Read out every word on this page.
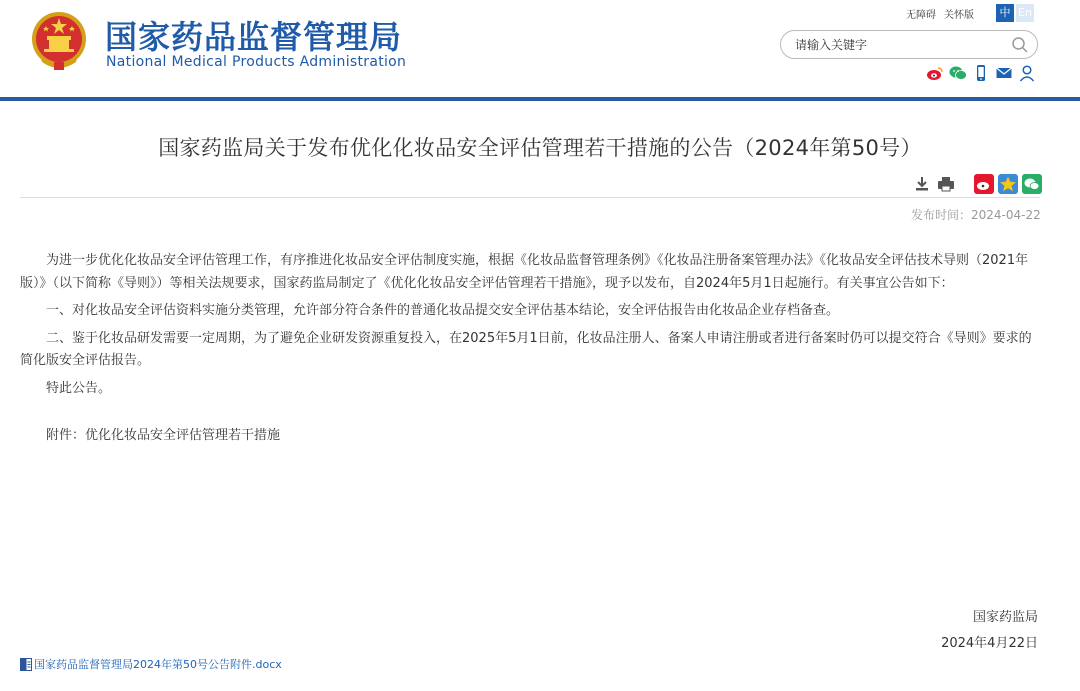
国家药品监督管理局
National Medical Products Administration
无障碍 关怀版	中 En
请输入关键字
国家药监局关于发布优化化妆品安全评估管理若干措施的公告（2024年第50号）
发布时间：2024-04-22

为进一步优化化妆品安全评估管理工作，有序推进化妆品安全评估制度实施，根据《化妆品监督管理条例》《化妆品注册备案管理办法》《化妆品安全评估技术导则（2021年版）》（以下简称《导则》）等相关法规要求，国家药监局制定了《优化化妆品安全评估管理若干措施》，现予以发布，自2024年5月1日起施行。有关事宜公告如下：

一、对化妆品安全评估资料实施分类管理，允许部分符合条件的普通化妆品提交安全评估基本结论，安全评估报告由化妆品企业存档备查。

二、鉴于化妆品研发需要一定周期，为了避免企业研发资源重复投入，在2025年5月1日前，化妆品注册人、备案人申请注册或者进行备案时仍可以提交符合《导则》要求的简化版安全评估报告。

特此公告。

附件：优化化妆品安全评估管理若干措施

国家药监局
2024年4月22日
国家药品监督管理局2024年第50号公告附件.docx
